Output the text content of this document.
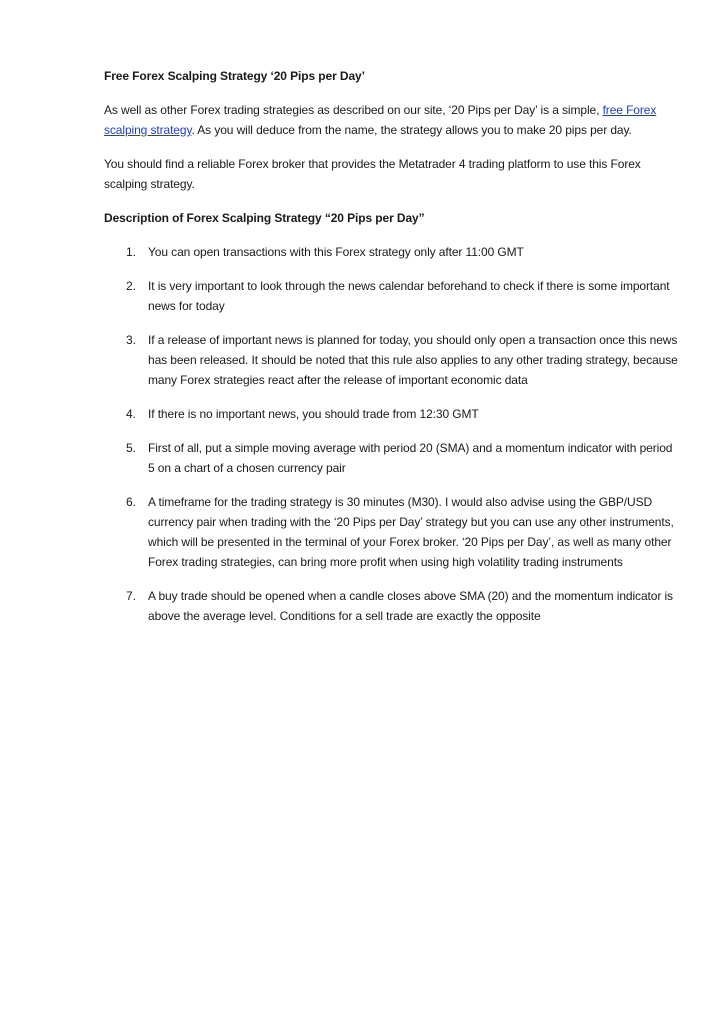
Free Forex Scalping Strategy ‘20 Pips per Day’

As well as other Forex trading strategies as described on our site, ‘20 Pips per Day’ is a simple, free Forex scalping strategy. As you will deduce from the name, the strategy allows you to make 20 pips per day.

You should find a reliable Forex broker that provides the Metatrader 4 trading platform to use this Forex scalping strategy.

Description of Forex Scalping Strategy “20 Pips per Day”
1. You can open transactions with this Forex strategy only after 11:00 GMT
2. It is very important to look through the news calendar beforehand to check if there is some important news for today
3. If a release of important news is planned for today, you should only open a transaction once this news has been released. It should be noted that this rule also applies to any other trading strategy, because many Forex strategies react after the release of important economic data
4. If there is no important news, you should trade from 12:30 GMT
5. First of all, put a simple moving average with period 20 (SMA) and a momentum indicator with period 5 on a chart of a chosen currency pair
6. A timeframe for the trading strategy is 30 minutes (M30). I would also advise using the GBP/USD currency pair when trading with the ‘20 Pips per Day’ strategy but you can use any other instruments, which will be presented in the terminal of your Forex broker. ‘20 Pips per Day’, as well as many other Forex trading strategies, can bring more profit when using high volatility trading instruments
7. A buy trade should be opened when a candle closes above SMA (20) and the momentum indicator is above the average level. Conditions for a sell trade are exactly the opposite
